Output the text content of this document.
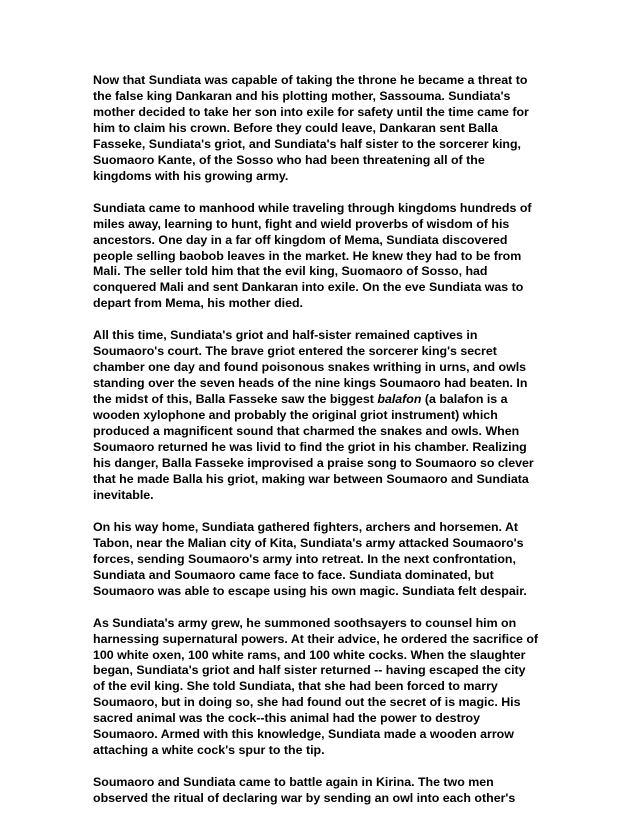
Now that Sundiata was capable of taking the throne he became a threat to
the false king Dankaran and his plotting mother, Sassouma. Sundiata's
mother decided to take her son into exile for safety until the time came for
him to claim his crown. Before they could leave, Dankaran sent Balla
Fasseke, Sundiata's griot, and Sundiata's half sister to the sorcerer king,
Suomaoro Kante, of the Sosso who had been threatening all of the
kingdoms with his growing army.

Sundiata came to manhood while traveling through kingdoms hundreds of
miles away, learning to hunt, fight and wield proverbs of wisdom of his
ancestors. One day in a far off kingdom of Mema, Sundiata discovered
people selling baobob leaves in the market. He knew they had to be from
Mali. The seller told him that the evil king, Suomaoro of Sosso, had
conquered Mali and sent Dankaran into exile. On the eve Sundiata was to
depart from Mema, his mother died.

All this time, Sundiata's griot and half-sister remained captives in
Soumaoro's court. The brave griot entered the sorcerer king's secret
chamber one day and found poisonous snakes writhing in urns, and owls
standing over the seven heads of the nine kings Soumaoro had beaten. In
the midst of this, Balla Fasseke saw the biggest balafon (a balafon is a
wooden xylophone and probably the original griot instrument) which
produced a magnificent sound that charmed the snakes and owls. When
Soumaoro returned he was livid to find the griot in his chamber. Realizing
his danger, Balla Fasseke improvised a praise song to Soumaoro so clever
that he made Balla his griot, making war between Soumaoro and Sundiata
inevitable.

On his way home, Sundiata gathered fighters, archers and horsemen. At
Tabon, near the Malian city of Kita, Sundiata's army attacked Soumaoro's
forces, sending Soumaoro's army into retreat. In the next confrontation,
Sundiata and Soumaoro came face to face. Sundiata dominated, but
Soumaoro was able to escape using his own magic. Sundiata felt despair.

As Sundiata's army grew, he summoned soothsayers to counsel him on
harnessing supernatural powers. At their advice, he ordered the sacrifice of
100 white oxen, 100 white rams, and 100 white cocks. When the slaughter
began, Sundiata's griot and half sister returned -- having escaped the city
of the evil king. She told Sundiata, that she had been forced to marry
Soumaoro, but in doing so, she had found out the secret of is magic. His
sacred animal was the cock--this animal had the power to destroy
Soumaoro. Armed with this knowledge, Sundiata made a wooden arrow
attaching a white cock's spur to the tip.

Soumaoro and Sundiata came to battle again in Kirina. The two men
observed the ritual of declaring war by sending an owl into each other's
